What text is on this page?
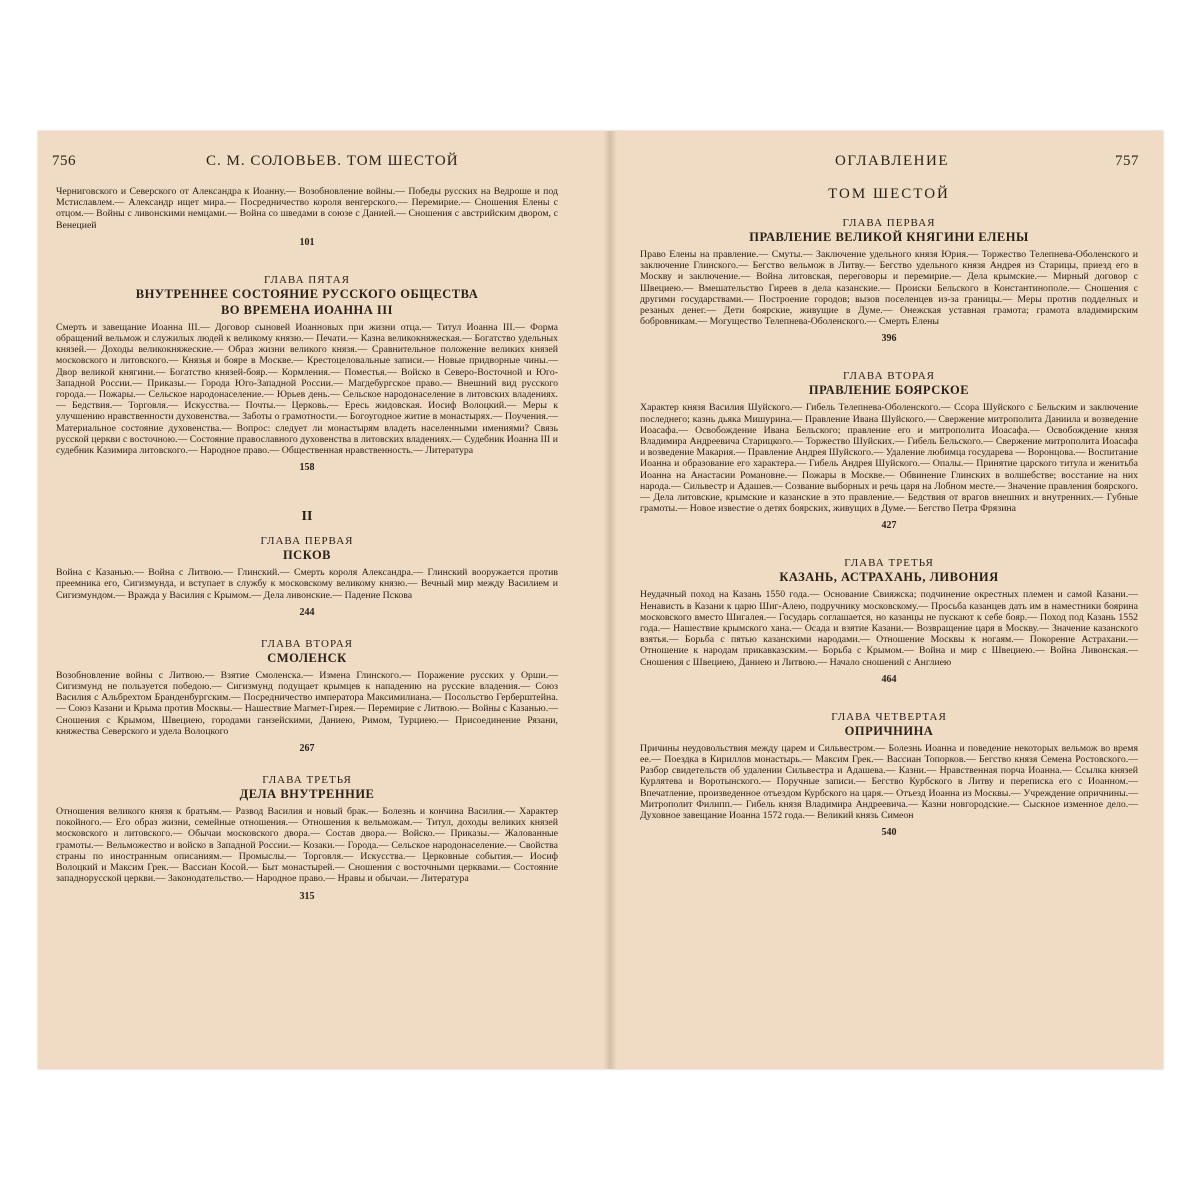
756	С. М. СОЛОВЬЕВ. ТОМ ШЕСТОЙ

Черниговского и Северского от Александра к Иоанну.— Возобновление войны.— Победы русских на Ведроше и под Мстиславлем.— Александр ищет мира.— Посредничество короля венгерского.— Перемирие.— Сношения Елены с отцом.— Войны с ливонскими немцами.— Война со шведами в союзе с Данией.— Сношения с австрийским двором, с Венецией

101

ГЛАВА ПЯТАЯ

ВНУТРЕННЕЕ СОСТОЯНИЕ РУССКОГО ОБЩЕСТВА

ВО ВРЕМЕНА ИОАННА III

Смерть и завещание Иоанна III.— Договор сыновей Иоанновых при жизни отца.— Титул Иоанна III.— Форма обращений вельмож и служилых людей к великому князю.— Печати.— Казна великокняжеская.— Богатство удельных князей.— Доходы великокняжеские.— Образ жизни великого князя.— Сравнительное положение великих князей московского и литовского.— Князья и бояре в Москве.— Крестоцеловальные записи.— Новые придворные чины.— Двор великой княгини.— Богатство князей-бояр.— Кормления.— Поместья.— Войско в Северо-Восточной и Юго-Западной России.— Приказы.— Города Юго-Западной России.— Магдебургское право.— Внешний вид русского города.— Пожары.— Сельское народонаселение.— Юрьев день.— Сельское народонаселение в литовских владениях.— Бедствия.— Торговля.— Искусства.— Почты.— Церковь.— Ересь жидовская. Иосиф Волоцкий.— Меры к улучшению нравственности духовенства.— Заботы о грамотности.— Богоугодное житие в монастырях.— Поучения.— Материальное состояние духовенства.— Вопрос: следует ли монастырям владеть населенными имениями? Связь русской церкви с восточною.— Состояние православного духовенства в литовских владениях.— Судебник Иоанна III и судебник Казимира литовского.— Народное право.— Общественная нравственность.— Литература

158

II

ГЛАВА ПЕРВАЯ

ПСКОВ

Война с Казанью.— Война с Литвою.— Глинский.— Смерть короля Александра.— Глинский вооружается против преемника его, Сигизмунда, и вступает в службу к московскому великому князю.— Вечный мир между Василием и Сигизмундом.— Вражда у Василия с Крымом.— Дела ливонские.— Падение Пскова

244

ГЛАВА ВТОРАЯ

СМОЛЕНСК

Возобновление войны с Литвою.— Взятие Смоленска.— Измена Глинского.— Поражение русских у Орши.— Сигизмунд не пользуется победою.— Сигизмунд подущает крымцев к нападению на русские владения.— Союз Василия с Альбрехтом Бранденбургским.— Посредничество императора Максимилиана.— Посольство Герберштейна.— Союз Казани и Крыма против Москвы.— Нашествие Магмет-Гирея.— Перемирие с Литвою.— Войны с Казанью.— Сношения с Крымом, Швециею, городами ганзейскими, Даниею, Римом, Турциею.— Присоединение Рязани, княжества Северского и удела Волоцкого

267

ГЛАВА ТРЕТЬЯ

ДЕЛА ВНУТРЕННИЕ

Отношения великого князя к братьям.— Развод Василия и новый брак.— Болезнь и кончина Василия.— Характер покойного.— Его образ жизни, семейные отношения.— Отношения к вельможам.— Титул, доходы великих князей московского и литовского.— Обычаи московского двора.— Состав двора.— Войско.— Приказы.— Жалованные грамоты.— Вельможество и войско в Западной России.— Козаки.— Города.— Сельское народонаселение.— Свойства страны по иностранным описаниям.— Промыслы.— Торговля.— Искусства.— Церковные события.— Иосиф Волоцкий и Максим Грек.— Вассиан Косой.— Быт монастырей.— Сношения с восточными церквами.— Состояние западнорусской церкви.— Законодательство.— Народное право.— Нравы и обычаи.— Литература

315

ОГЛАВЛЕНИЕ	757

ТОМ ШЕСТОЙ

ГЛАВА ПЕРВАЯ

ПРАВЛЕНИЕ ВЕЛИКОЙ КНЯГИНИ ЕЛЕНЫ

Право Елены на правление.— Смуты.— Заключение удельного князя Юрия.— Торжество Телепнева-Оболенского и заключение Глинского.— Бегство вельмож в Литву.— Бегство удельного князя Андрея из Старицы, приезд его в Москву и заключение.— Война литовская, переговоры и перемирие.— Дела крымские.— Мирный договор с Швециею.— Вмешательство Гиреев в дела казанские.— Происки Бельского в Константинополе.— Сношения с другими государствами.— Построение городов; вызов поселенцев из-за границы.— Меры против подделных и резаных денег.— Дети боярские, живущие в Думе.— Онежская уставная грамота; грамота владимирским бобровникам.— Могущество Телепнева-Оболенского.— Смерть Елены

396

ГЛАВА ВТОРАЯ

ПРАВЛЕНИЕ БОЯРСКОЕ

Характер князя Василия Шуйского.— Гибель Телепнева-Оболенского.— Ссора Шуйского с Бельским и заключение последнего; казнь дьяка Мишурина.— Правление Ивана Шуйского.— Свержение митрополита Даниила и возведение Иоасафа.— Освобождение Ивана Бельского; правление его и митрополита Иоасафа.— Освобождение князя Владимира Андреевича Старицкого.— Торжество Шуйских.— Гибель Бельского.— Свержение митрополита Иоасафа и возведение Макария.— Правление Андрея Шуйского.— Удаление любимца государева — Воронцова.— Воспитание Иоанна и образование его характера.— Гибель Андрея Шуйского.— Опалы.— Принятие царского титула и женитьба Иоанна на Анастасии Романовне.— Пожары в Москве.— Обвинение Глинских в волшебстве; восстание на них народа.— Сильвестр и Адашев.— Созвание выборных и речь царя на Лобном месте.— Значение правления боярского.— Дела литовские, крымские и казанские в это правление.— Бедствия от врагов внешних и внутренних.— Губные грамоты.— Новое известие о детях боярских, живущих в Думе.— Бегство Петра Фрязина

427

ГЛАВА ТРЕТЬЯ

КАЗАНЬ, АСТРАХАНЬ, ЛИВОНИЯ

Неудачный поход на Казань 1550 года.— Основание Свияжска; подчинение окрестных племен и самой Казани.— Ненависть в Казани к царю Шиг-Алею, подручнику московскому.— Просьба казанцев дать им в наместники боярина московского вместо Шигалея.— Государь соглашается, но казанцы не пускают к себе бояр.— Поход под Казань 1552 года.— Нашествие крымского хана.— Осада и взятие Казани.— Возвращение царя в Москву.— Значение казанского взятья.— Борьба с пятью казанскими народами.— Отношение Москвы к ногаям.— Покорение Астрахани.— Отношение к народам прикавказским.— Борьба с Крымом.— Война и мир с Швециею.— Война Ливонская.— Сношения с Швециею, Даниею и Литвою.— Начало сношений с Англиею

464

ГЛАВА ЧЕТВЕРТАЯ

ОПРИЧНИНА

Причины неудовольствия между царем и Сильвестром.— Болезнь Иоанна и поведение некоторых вельмож во время ее.— Поездка в Кириллов монастырь.— Максим Грек.— Вассиан Топорков.— Бегство князя Семена Ростовского.— Разбор свидетельств об удалении Сильвестра и Адашева.— Казни.— Нравственная порча Иоанна.— Ссылка князей Курлятева и Воротынского.— Поручные записи.— Бегство Курбского в Литву и переписка его с Иоанном.— Впечатление, произведенное отъездом Курбского на царя.— Отъезд Иоанна из Москвы.— Учреждение опричнины.— Митрополит Филипп.— Гибель князя Владимира Андреевича.— Казни новгородские.— Сыскное изменное дело.— Духовное завещание Иоанна 1572 года.— Великий князь Симеон

540
